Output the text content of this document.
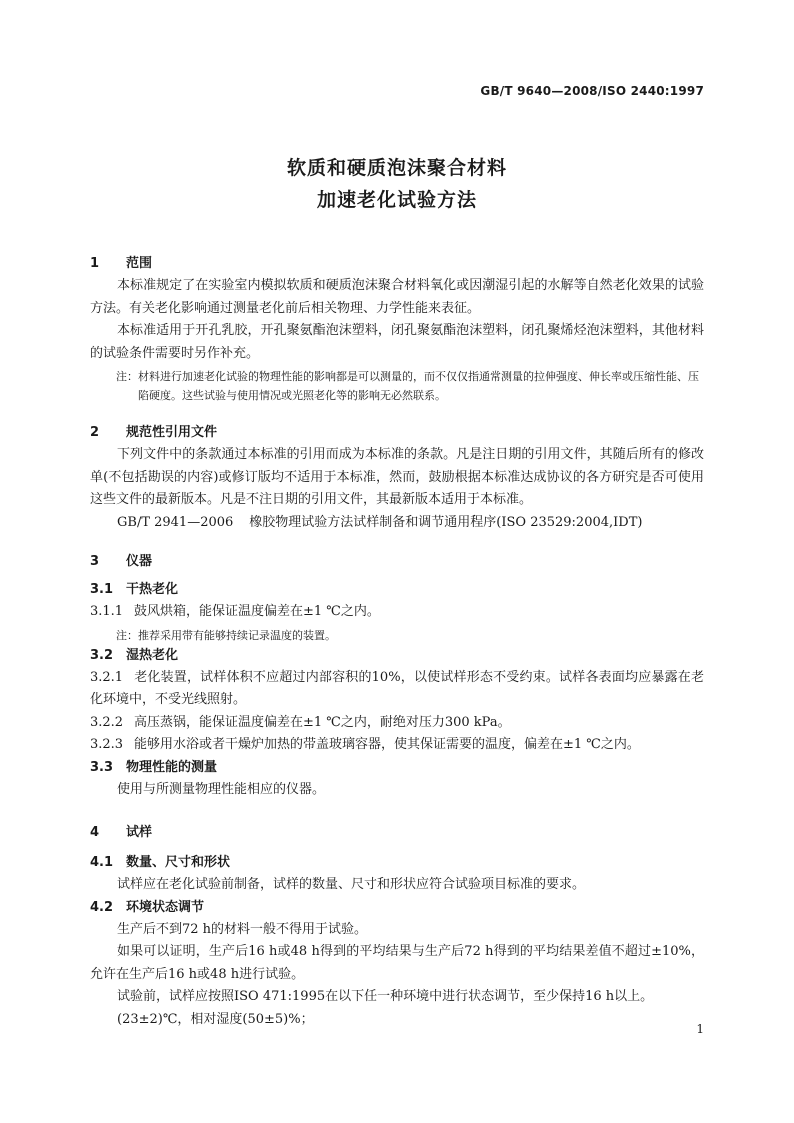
GB/T 9640—2008/ISO 2440:1997
软质和硬质泡沫聚合材料
加速老化试验方法
1 范围

本标准规定了在实验室内模拟软质和硬质泡沫聚合材料氧化或因潮湿引起的水解等自然老化效果的试验方法。有关老化影响通过测量老化前后相关物理、力学性能来表征。

本标准适用于开孔乳胶，开孔聚氨酯泡沫塑料，闭孔聚氨酯泡沫塑料，闭孔聚烯烃泡沫塑料，其他材料的试验条件需要时另作补充。

注：材料进行加速老化试验的物理性能的影响都是可以测量的，而不仅仅指通常测量的拉伸强度、伸长率或压缩性能、压陷硬度。这些试验与使用情况或光照老化等的影响无必然联系。
2 规范性引用文件

下列文件中的条款通过本标准的引用而成为本标准的条款。凡是注日期的引用文件，其随后所有的修改单(不包括勘误的内容)或修订版均不适用于本标准，然而，鼓励根据本标准达成协议的各方研究是否可使用这些文件的最新版本。凡是不注日期的引用文件，其最新版本适用于本标准。

GB/T 2941—2006 橡胶物理试验方法试样制备和调节通用程序(ISO 23529:2004,IDT)
3 仪器
3.1 干热老化

3.1.1 鼓风烘箱，能保证温度偏差在±1 ℃之内。

注：推荐采用带有能够持续记录温度的装置。
3.2 湿热老化

3.2.1 老化装置，试样体积不应超过内部容积的10%，以使试样形态不受约束。试样各表面均应暴露在老化环境中，不受光线照射。

3.2.2 高压蒸锅，能保证温度偏差在±1 ℃之内，耐绝对压力300 kPa。

3.2.3 能够用水浴或者干燥炉加热的带盖玻璃容器，使其保证需要的温度，偏差在±1 ℃之内。

3.3 物理性能的测量

使用与所测量物理性能相应的仪器。

4 试样
4.1 数量、尺寸和形状

试样应在老化试验前制备，试样的数量、尺寸和形状应符合试验项目标准的要求。

4.2 环境状态调节

生产后不到72 h的材料一般不得用于试验。

如果可以证明，生产后16 h或48 h得到的平均结果与生产后72 h得到的平均结果差值不超过±10%，允许在生产后16 h或48 h进行试验。

试验前，试样应按照ISO 471:1995在以下任一种环境中进行状态调节，至少保持16 h以上。

(23±2)℃，相对湿度(50±5)%；

1
